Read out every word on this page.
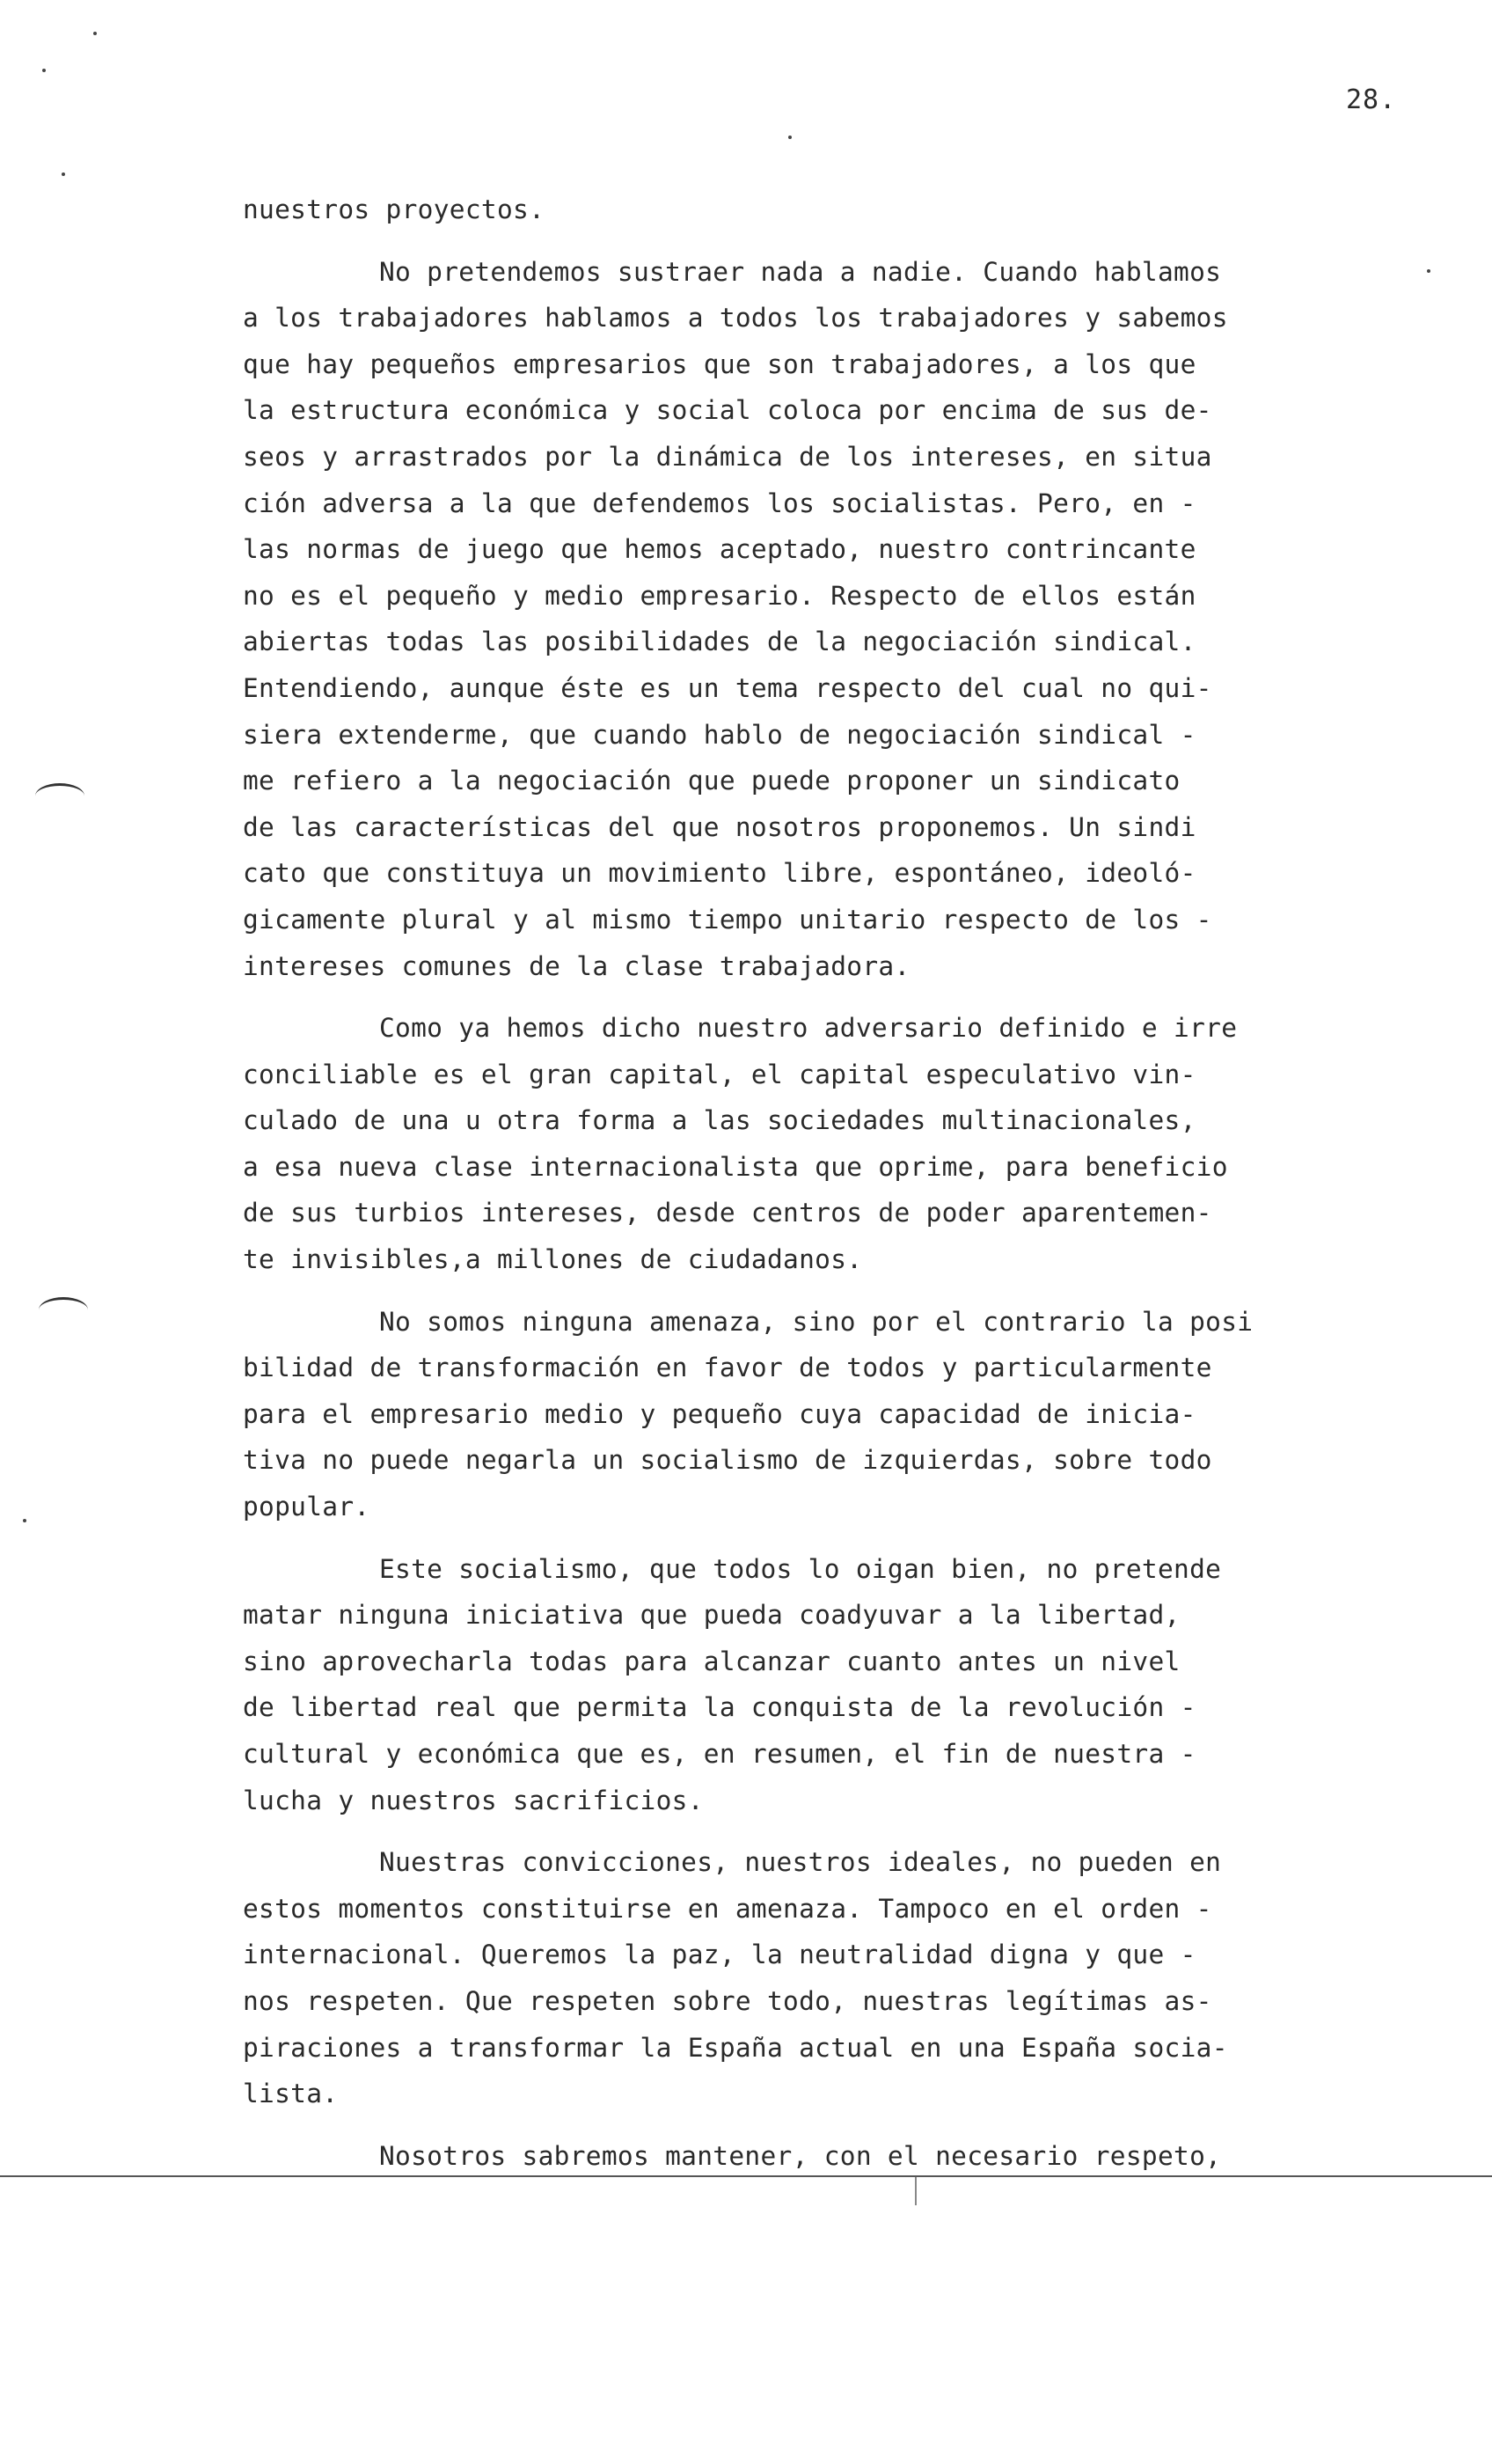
28.

nuestros proyectos.
No pretendemos sustraer nada a nadie. Cuando hablamos
a los trabajadores hablamos a todos los trabajadores y sabemos
que hay pequeños empresarios que son trabajadores, a los que
la estructura económica y social coloca por encima de sus de-
seos y arrastrados por la dinámica de los intereses, en situa
ción adversa a la que defendemos los socialistas. Pero, en -
las normas de juego que hemos aceptado, nuestro contrincante
no es el pequeño y medio empresario. Respecto de ellos están
abiertas todas las posibilidades de la negociación sindical.
Entendiendo, aunque éste es un tema respecto del cual no qui-
siera extenderme, que cuando hablo de negociación sindical -
me refiero a la negociación que puede proponer un sindicato
de las características del que nosotros proponemos. Un sindi
cato que constituya un movimiento libre, espontáneo, ideoló-
gicamente plural y al mismo tiempo unitario respecto de los -
intereses comunes de la clase trabajadora.
Como ya hemos dicho nuestro adversario definido e irre
conciliable es el gran capital, el capital especulativo vin-
culado de una u otra forma a las sociedades multinacionales,
a esa nueva clase internacionalista que oprime, para beneficio
de sus turbios intereses, desde centros de poder aparentemen-
te invisibles,a millones de ciudadanos.
No somos ninguna amenaza, sino por el contrario la posi
bilidad de transformación en favor de todos y particularmente
para el empresario medio y pequeño cuya capacidad de inicia-
tiva no puede negarla un socialismo de izquierdas, sobre todo
popular.
Este socialismo, que todos lo oigan bien, no pretende
matar ninguna iniciativa que pueda coadyuvar a la libertad,
sino aprovecharla todas para alcanzar cuanto antes un nivel
de libertad real que permita la conquista de la revolución -
cultural y económica que es, en resumen, el fin de nuestra -
lucha y nuestros sacrificios.
Nuestras convicciones, nuestros ideales, no pueden en
estos momentos constituirse en amenaza. Tampoco en el orden -
internacional. Queremos la paz, la neutralidad digna y que -
nos respeten. Que respeten sobre todo, nuestras legítimas as-
piraciones a transformar la España actual en una España socia-
lista.
Nosotros sabremos mantener, con el necesario respeto,
